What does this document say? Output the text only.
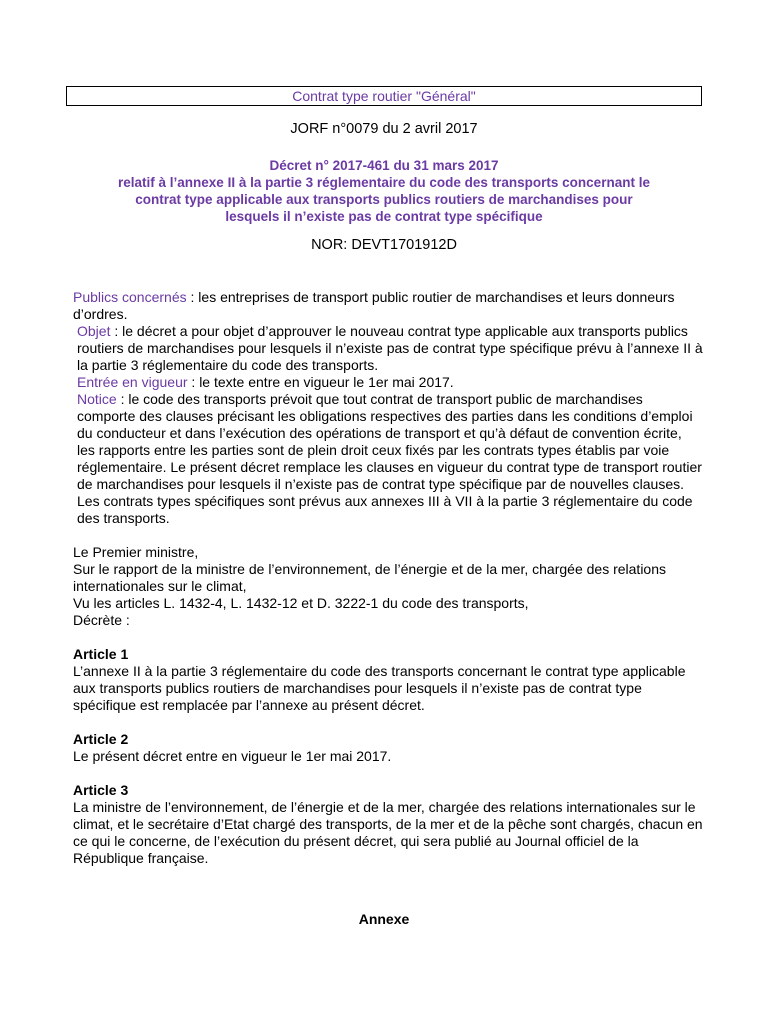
Contrat type routier "Général"
JORF n°0079 du 2 avril 2017
Décret n° 2017-461 du 31 mars 2017
relatif à l’annexe II à la partie 3 réglementaire du code des transports concernant le
contrat type applicable aux transports publics routiers de marchandises pour
lesquels il n’existe pas de contrat type spécifique
NOR: DEVT1701912D

Publics concernés : les entreprises de transport public routier de marchandises et leurs donneurs d’ordres.

Objet : le décret a pour objet d’approuver le nouveau contrat type applicable aux transports publics routiers de marchandises pour lesquels il n’existe pas de contrat type spécifique prévu à l’annexe II à la partie 3 réglementaire du code des transports.

Entrée en vigueur : le texte entre en vigueur le 1er mai 2017.

Notice : le code des transports prévoit que tout contrat de transport public de marchandises comporte des clauses précisant les obligations respectives des parties dans les conditions d’emploi du conducteur et dans l’exécution des opérations de transport et qu’à défaut de convention écrite, les rapports entre les parties sont de plein droit ceux fixés par les contrats types établis par voie réglementaire. Le présent décret remplace les clauses en vigueur du contrat type de transport routier de marchandises pour lesquels il n’existe pas de contrat type spécifique par de nouvelles clauses. Les contrats types spécifiques sont prévus aux annexes III à VII à la partie 3 réglementaire du code des transports.

Le Premier ministre,

Sur le rapport de la ministre de l’environnement, de l’énergie et de la mer, chargée des relations internationales sur le climat,

Vu les articles L. 1432-4, L. 1432-12 et D. 3222-1 du code des transports,

Décrète :

Article 1

L’annexe II à la partie 3 réglementaire du code des transports concernant le contrat type applicable aux transports publics routiers de marchandises pour lesquels il n’existe pas de contrat type spécifique est remplacée par l’annexe au présent décret.

Article 2

Le présent décret entre en vigueur le 1er mai 2017.

Article 3

La ministre de l’environnement, de l’énergie et de la mer, chargée des relations internationales sur le climat, et le secrétaire d’Etat chargé des transports, de la mer et de la pêche sont chargés, chacun en ce qui le concerne, de l’exécution du présent décret, qui sera publié au Journal officiel de la République française.

Annexe
